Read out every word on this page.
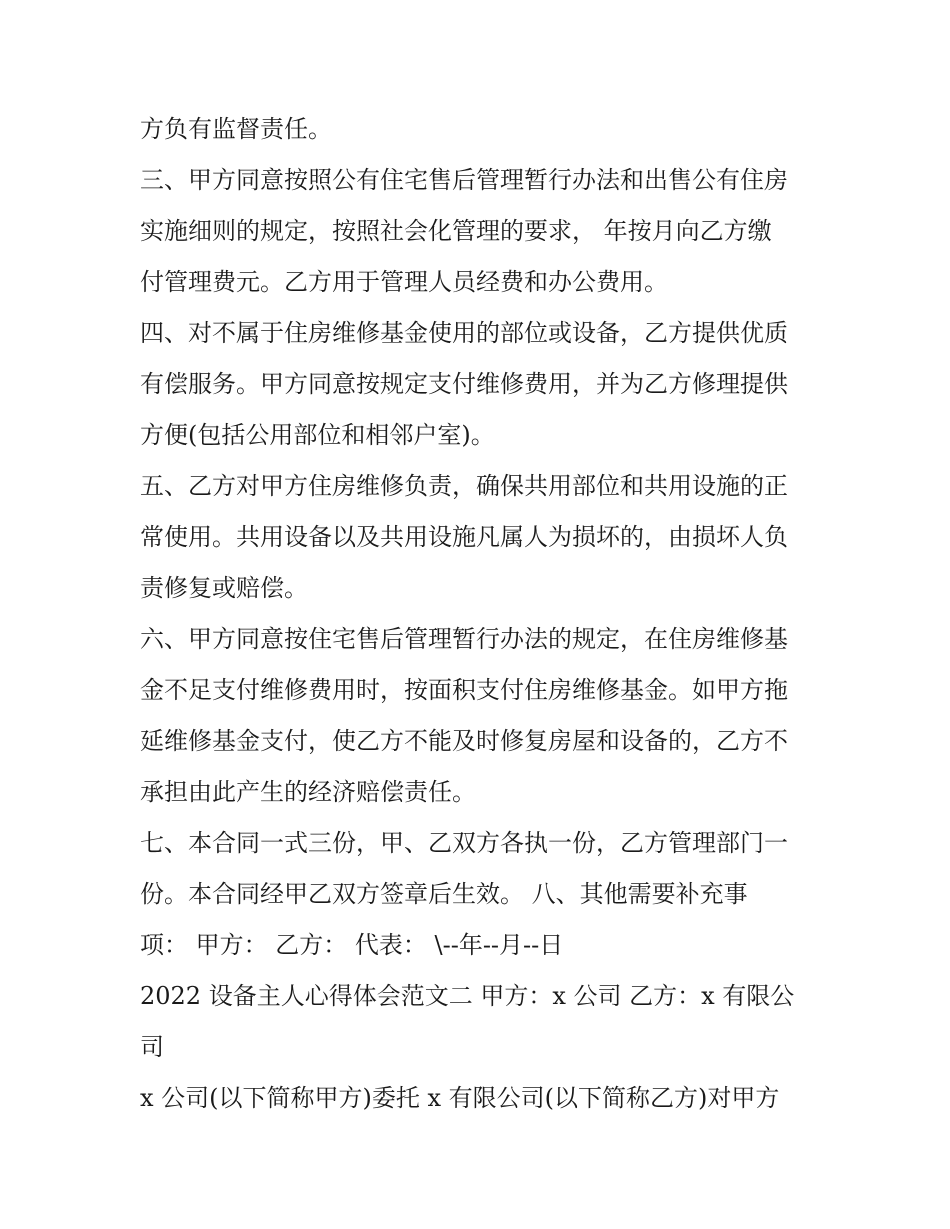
方负有监督责任。
三、甲方同意按照公有住宅售后管理暂行办法和出售公有住房
实施细则的规定，按照社会化管理的要求， 年按月向乙方缴
付管理费元。乙方用于管理人员经费和办公费用。
四、对不属于住房维修基金使用的部位或设备，乙方提供优质
有偿服务。甲方同意按规定支付维修费用，并为乙方修理提供
方便(包括公用部位和相邻户室)。
五、乙方对甲方住房维修负责，确保共用部位和共用设施的正
常使用。共用设备以及共用设施凡属人为损坏的，由损坏人负
责修复或赔偿。
六、甲方同意按住宅售后管理暂行办法的规定，在住房维修基
金不足支付维修费用时，按面积支付住房维修基金。如甲方拖
延维修基金支付，使乙方不能及时修复房屋和设备的，乙方不
承担由此产生的经济赔偿责任。
七、本合同一式三份，甲、乙双方各执一份，乙方管理部门一
份。本合同经甲乙双方签章后生效。 八、其他需要补充事
项： 甲方： 乙方： 代表： \--年--月--日
2022 设备主人心得体会范文二 甲方：x 公司 乙方：x 有限公
司
x 公司(以下简称甲方)委托 x 有限公司(以下简称乙方)对甲方
